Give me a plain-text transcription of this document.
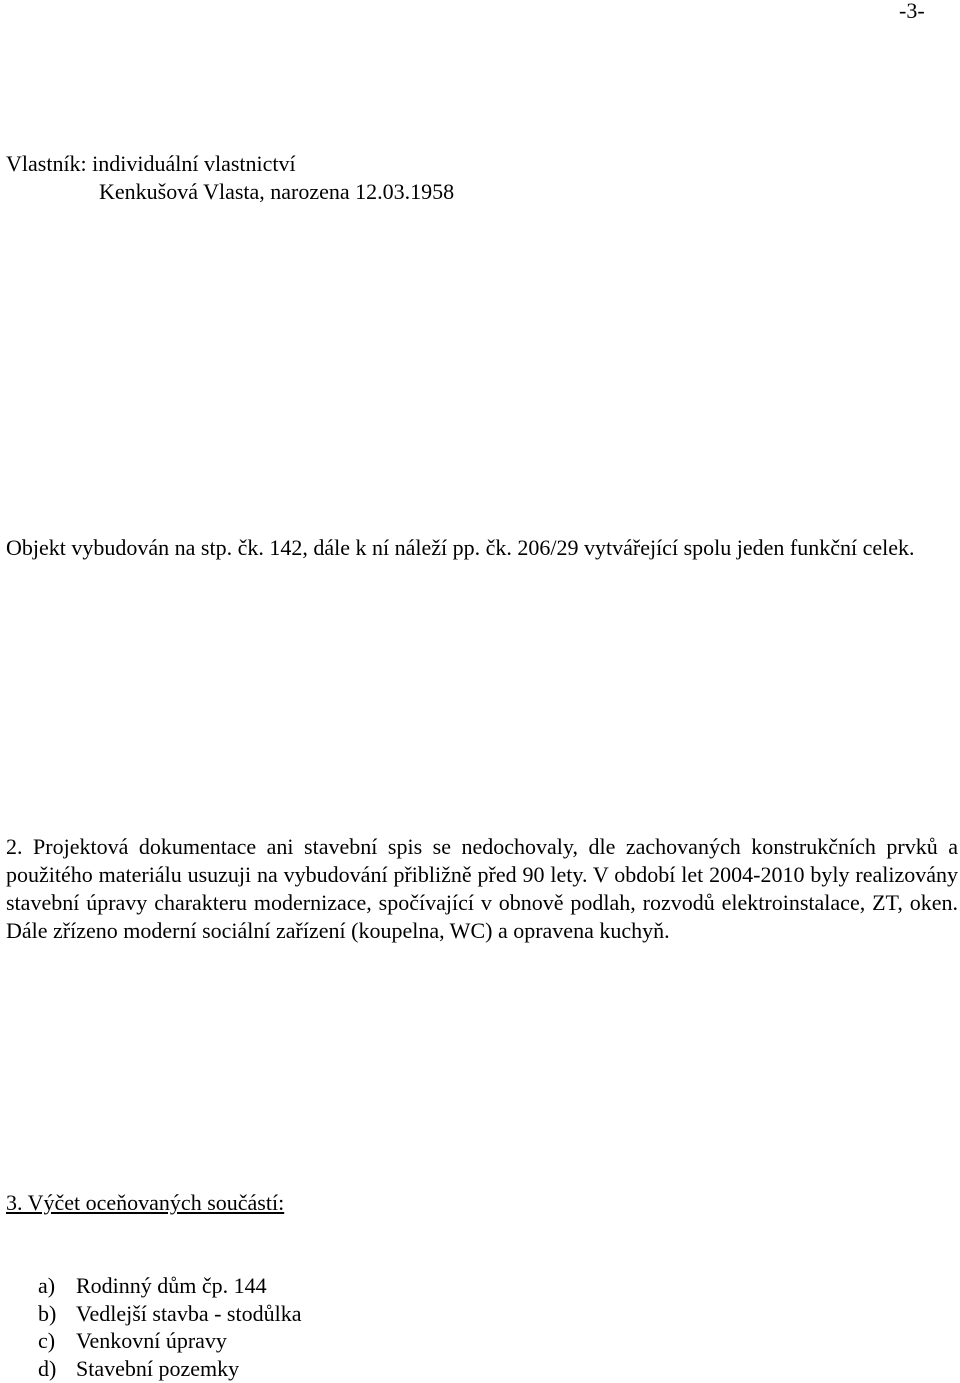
-3-
Vlastník: individuální vlastnictví
Kenkušová Vlasta, narozena 12.03.1958
Objekt vybudován na stp. čk. 142, dále k ní náleží pp. čk. 206/29 vytvářející spolu jeden funkční celek.
2. Projektová dokumentace ani stavební spis se nedochovaly, dle zachovaných konstrukčních prvků a použitého materiálu usuzuji na vybudování přibližně před 90 lety. V období let 2004-2010 byly realizovány stavební úpravy charakteru modernizace, spočívající v obnově podlah, rozvodů elektroinstalace, ZT, oken. Dále zřízeno moderní sociální zařízení (koupelna, WC) a opravena kuchyň.
3. Výčet oceňovaných součástí:
a) Rodinný dům čp. 144
b) Vedlejší stavba - stodůlka
c) Venkovní úpravy
d) Stavební pozemky
